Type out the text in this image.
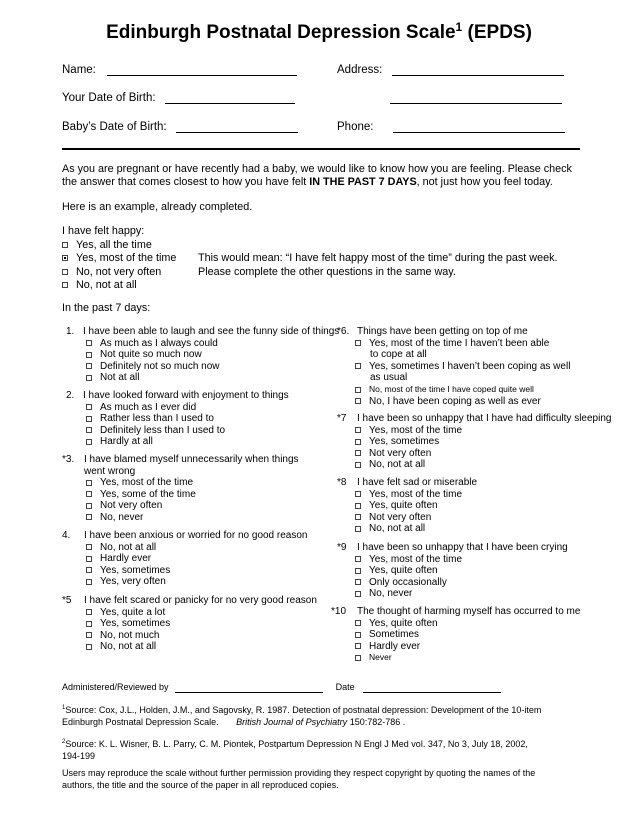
Edinburgh Postnatal Depression Scale$^1$ (EPDS)
Name:	Address:
Your Date of Birth:
Baby’s Date of Birth:	Phone:
As you are pregnant or have recently had a baby, we would like to know how you are feeling. Please check
the answer that comes closest to how you have felt IN THE PAST 7 DAYS, not just how you feel today.
Here is an example, already completed.
I have felt happy:
Yes, all the time
Yes, most of the time
No, not very often
No, not at all
This would mean: “I have felt happy most of the time” during the past week.
Please complete the other questions in the same way.
In the past 7 days:
1. I have been able to laugh and see the funny side of things
As much as I always could
Not quite so much now
Definitely not so much now
Not at all
2. I have looked forward with enjoyment to things
As much as I ever did
Rather less than I used to
Definitely less than I used to
Hardly at all
*3. I have blamed myself unnecessarily when things
went wrong
Yes, most of the time
Yes, some of the time
Not very often
No, never
4. I have been anxious or worried for no good reason
No, not at all
Hardly ever
Yes, sometimes
Yes, very often
*5 I have felt scared or panicky for no very good reason
Yes, quite a lot
Yes, sometimes
No, not much
No, not at all
*6. Things have been getting on top of me
Yes, most of the time I haven’t been able
to cope at all
Yes, sometimes I haven’t been coping as well
as usual
No, most of the time I have coped quite well
No, I have been coping as well as ever
*7 I have been so unhappy that I have had difficulty sleeping
Yes, most of the time
Yes, sometimes
Not very often
No, not at all
*8 I have felt sad or miserable
Yes, most of the time
Yes, quite often
Not very often
No, not at all
*9 I have been so unhappy that I have been crying
Yes, most of the time
Yes, quite often
Only occasionally
No, never
*10 The thought of harming myself has occurred to me
Yes, quite often
Sometimes
Hardly ever
Never
Administered/Reviewed by	Date
$^1$Source: Cox, J.L., Holden, J.M., and Sagovsky, R. 1987. Detection of postnatal depression: Development of the 10-item
Edinburgh Postnatal Depression Scale. British Journal of Psychiatry 150:782-786 .
$^2$Source: K. L. Wisner, B. L. Parry, C. M. Piontek, Postpartum Depression N Engl J Med vol. 347, No 3, July 18, 2002,
194-199
Users may reproduce the scale without further permission providing they respect copyright by quoting the names of the
authors, the title and the source of the paper in all reproduced copies.
